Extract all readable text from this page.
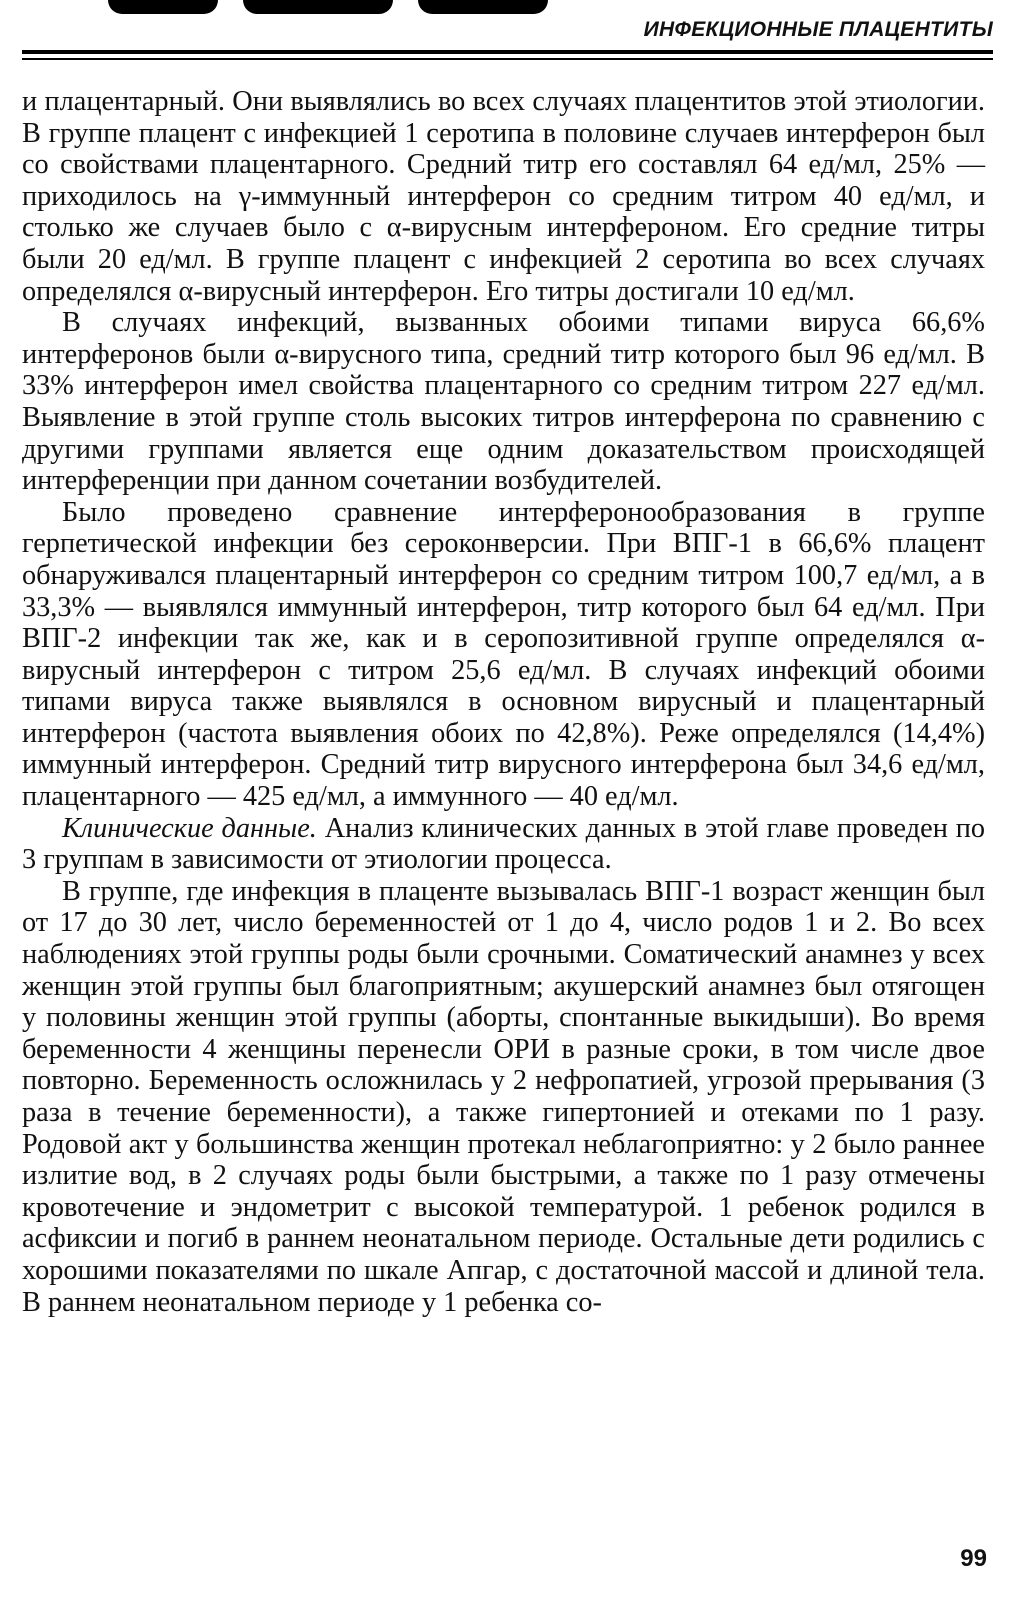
ИНФЕКЦИОННЫЕ ПЛАЦЕНТИТЫ

и плацентарный. Они выявлялись во всех случаях плацентитов этой этиологии. В группе плацент с инфекцией 1 серотипа в половине случаев интерферон был со свойствами плацентарного. Средний титр его составлял 64 ед/мл, 25% — приходилось на γ-иммунный интерферон со средним титром 40 ед/мл, и столько же случаев было с α-вирусным интерфероном. Его средние титры были 20 ед/мл. В группе плацент с инфекцией 2 серотипа во всех случаях определялся α-вирусный интерферон. Его титры достигали 10 ед/мл.

В случаях инфекций, вызванных обоими типами вируса 66,6% интерферонов были α-вирусного типа, средний титр которого был 96 ед/мл. В 33% интерферон имел свойства плацентарного со средним титром 227 ед/мл. Выявление в этой группе столь высоких титров интерферона по сравнению с другими группами является еще одним доказательством происходящей интерференции при данном сочетании возбудителей.

Было проведено сравнение интерферонообразования в группе герпетической инфекции без сероконверсии. При ВПГ-1 в 66,6% плацент обнаруживался плацентарный интерферон со средним титром 100,7 ед/мл, а в 33,3% — выявлялся иммунный интерферон, титр которого был 64 ед/мл. При ВПГ-2 инфекции так же, как и в серопозитивной группе определялся α-вирусный интерферон с титром 25,6 ед/мл. В случаях инфекций обоими типами вируса также выявлялся в основном вирусный и плацентарный интерферон (частота выявления обоих по 42,8%). Реже определялся (14,4%) иммунный интерферон. Средний титр вирусного интерферона был 34,6 ед/мл, плацентарного — 425 ед/мл, а иммунного — 40 ед/мл.

Клинические данные. Анализ клинических данных в этой главе проведен по 3 группам в зависимости от этиологии процесса.

В группе, где инфекция в плаценте вызывалась ВПГ-1 возраст женщин был от 17 до 30 лет, число беременностей от 1 до 4, число родов 1 и 2. Во всех наблюдениях этой группы роды были срочными. Соматический анамнез у всех женщин этой группы был благоприятным; акушерский анамнез был отягощен у половины женщин этой группы (аборты, спонтанные выкидыши). Во время беременности 4 женщины перенесли ОРИ в разные сроки, в том числе двое повторно. Беременность осложнилась у 2 нефропатией, угрозой прерывания (3 раза в течение беременности), а также гипертонией и отеками по 1 разу. Родовой акт у большинства женщин протекал неблагоприятно: у 2 было раннее излитие вод, в 2 случаях роды были быстрыми, а также по 1 разу отмечены кровотечение и эндометрит с высокой температурой. 1 ребенок родился в асфиксии и погиб в раннем неонатальном периоде. Остальные дети родились с хорошими показателями по шкале Апгар, с достаточной массой и длиной тела. В раннем неонатальном периоде у 1 ребенка со-

99
